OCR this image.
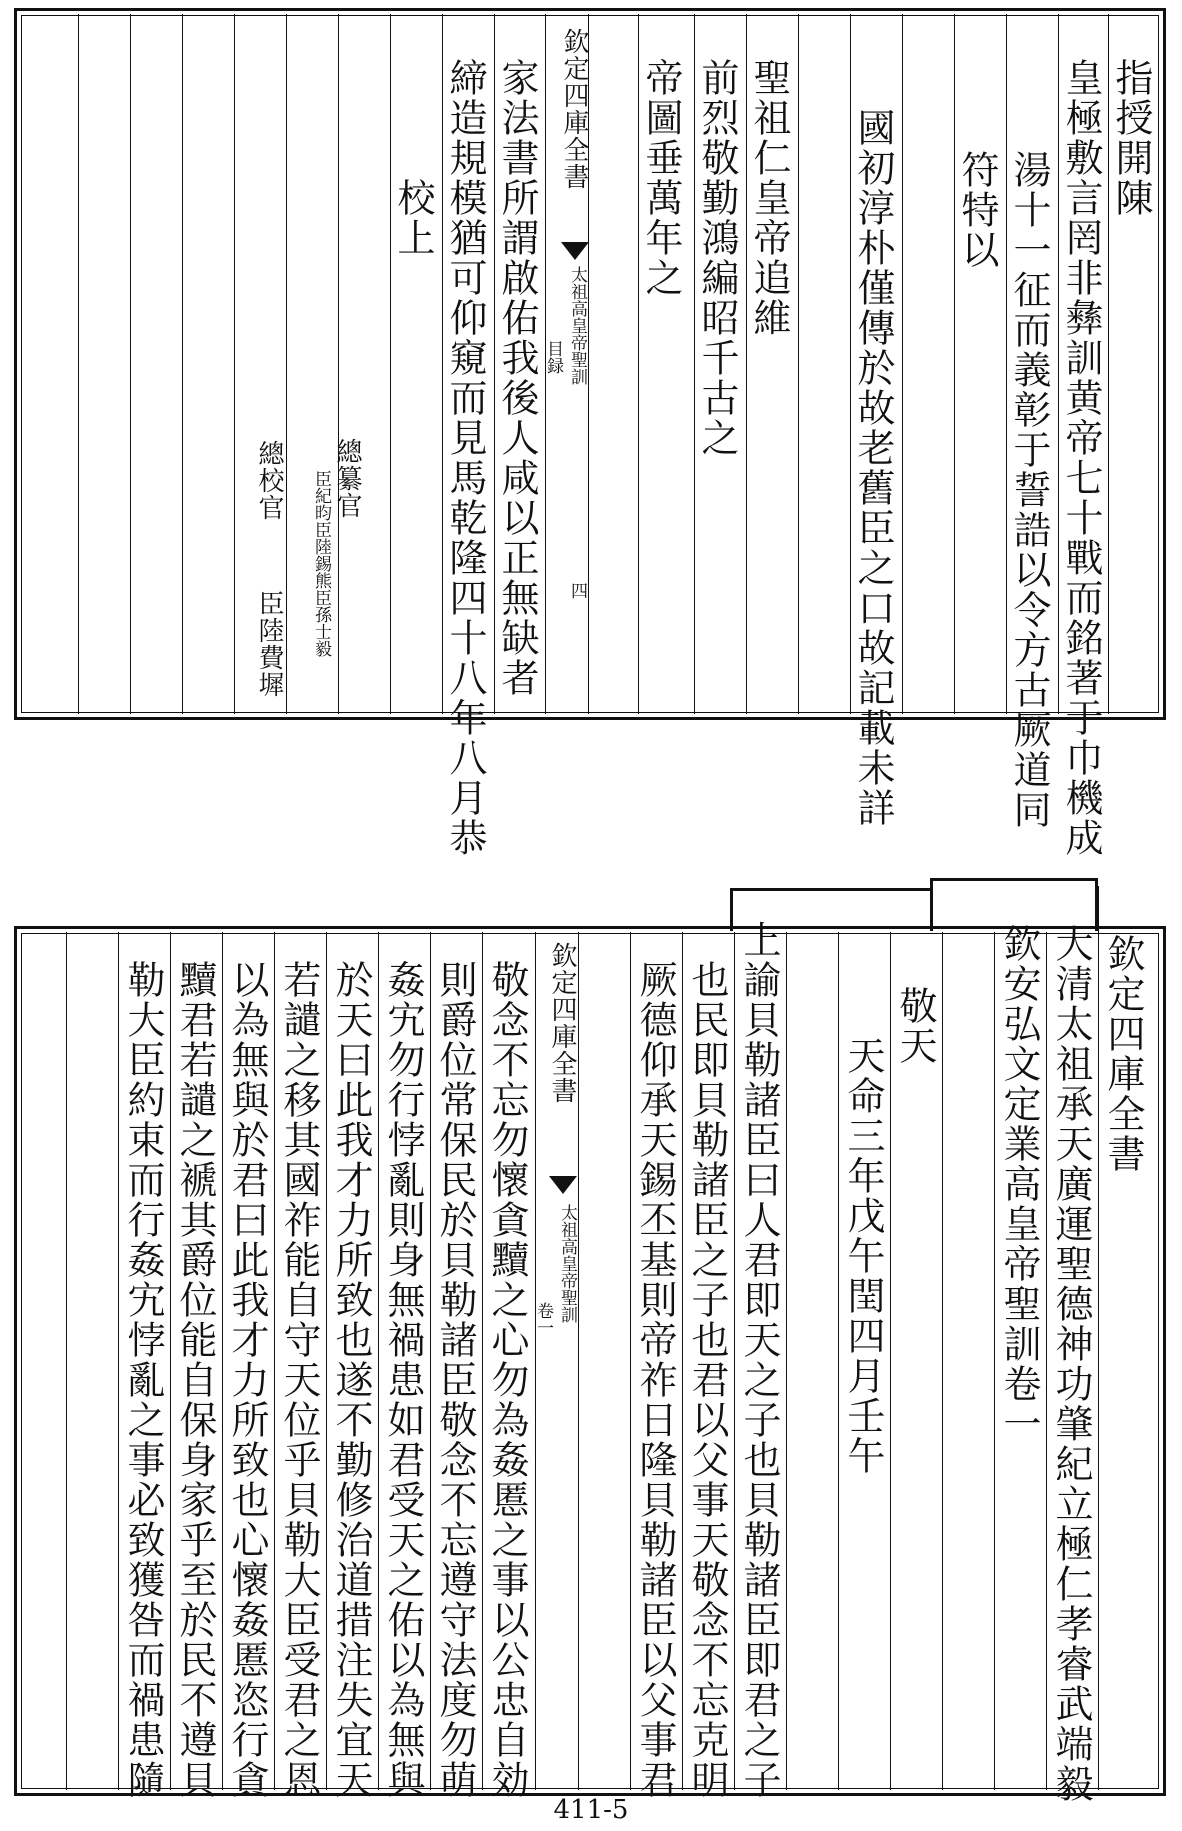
指授開陳
皇極敷言罔非彝訓黄帝七十戰而銘著于巾機成
湯十一征而義彰于誓誥以令方古厥道同
符特以
國初淳朴僅傳於故老舊臣之口故記載未詳
聖祖仁皇帝追維
前烈敬勤鴻編昭千古之
帝圖垂萬年之
欽定四庫全書
太祖高皇帝聖訓
目録
四
家法書所謂啟佑我後人咸以正無缺者
締造規模猶可仰窺而見馬乾隆四十八年八月恭
校上
總纂官
臣紀昀臣陸錫熊臣孫士毅
總校官
臣陸費墀
欽定四庫全書
大清太祖承天廣運聖德神功肇紀立極仁孝睿武端毅
欽安弘文定業高皇帝聖訓卷一
敬天
天命三年戊午閏四月壬午
上諭貝勒諸臣曰人君即天之子也貝勒諸臣即君之子
也民即貝勒諸臣之子也君以父事天敬念不忘克明
厥德仰承天錫丕基則帝祚日隆貝勒諸臣以父事君
欽定四庫全書
太祖高皇帝聖訓
卷一
敬念不忘勿懷貪黷之心勿為姦慝之事以公忠自効
則爵位常保民於貝勒諸臣敬念不忘遵守法度勿萌
姦宄勿行悖亂則身無禍患如君受天之佑以為無與
於天曰此我才力所致也遂不勤修治道措注失宜天
若譴之移其國祚能自守天位乎貝勒大臣受君之恩
以為無與於君曰此我才力所致也心懷姦慝恣行貪
黷君若譴之褫其爵位能自保身家乎至於民不遵貝
勒大臣約束而行姦宄悖亂之事必致獲咎而禍患隨
411-5
